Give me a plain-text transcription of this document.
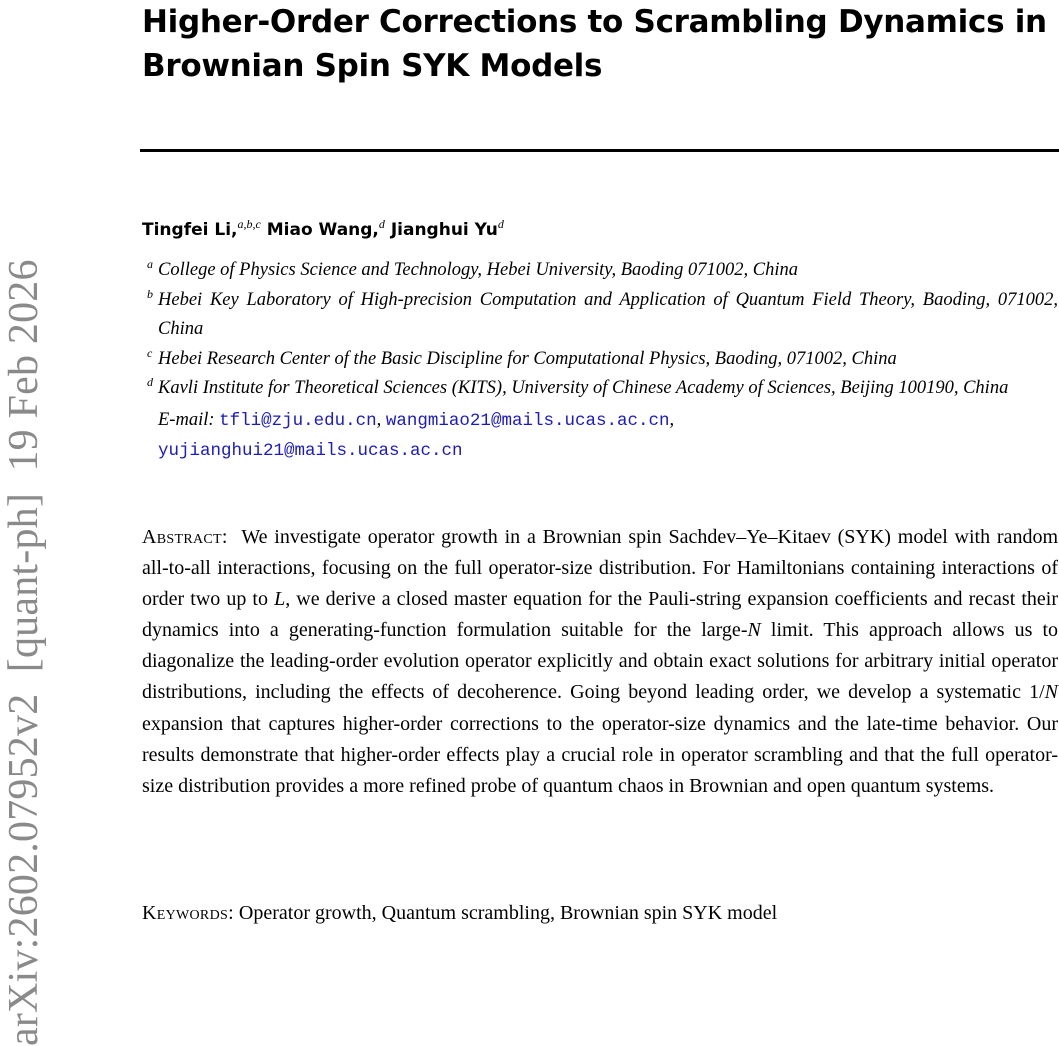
arXiv:2602.07952v2  [quant-ph]  19 Feb 2026
Higher-Order Corrections to Scrambling Dynamics in
Brownian Spin SYK Models
Tingfei Li,$^{a,b,c}$ Miao Wang,$^d$ Jianghui Yu$^d$
a College of Physics Science and Technology, Hebei University, Baoding 071002, China
b Hebei Key Laboratory of High-precision Computation and Application of Quantum Field Theory, Baoding, 071002, China
c Hebei Research Center of the Basic Discipline for Computational Physics, Baoding, 071002, China
d Kavli Institute for Theoretical Sciences (KITS), University of Chinese Academy of Sciences, Beijing 100190, China
E-mail: tfli@zju.edu.cn, wangmiao21@mails.ucas.ac.cn,
yujianghui21@mails.ucas.ac.cn

Abstract: We investigate operator growth in a Brownian spin Sachdev–Ye–Kitaev (SYK) model with random all-to-all interactions, focusing on the full operator-size distribution. For Hamiltonians containing interactions of order two up to L, we derive a closed master equation for the Pauli-string expansion coefficients and recast their dynamics into a generating-function formulation suitable for the large-N limit. This approach allows us to diagonalize the leading-order evolution operator explicitly and obtain exact solutions for arbitrary initial operator distributions, including the effects of decoherence. Going beyond leading order, we develop a systematic 1/N expansion that captures higher-order corrections to the operator-size dynamics and the late-time behavior. Our results demonstrate that higher-order effects play a crucial role in operator scrambling and that the full operator-size distribution provides a more refined probe of quantum chaos in Brownian and open quantum systems.

Keywords: Operator growth, Quantum scrambling, Brownian spin SYK model
